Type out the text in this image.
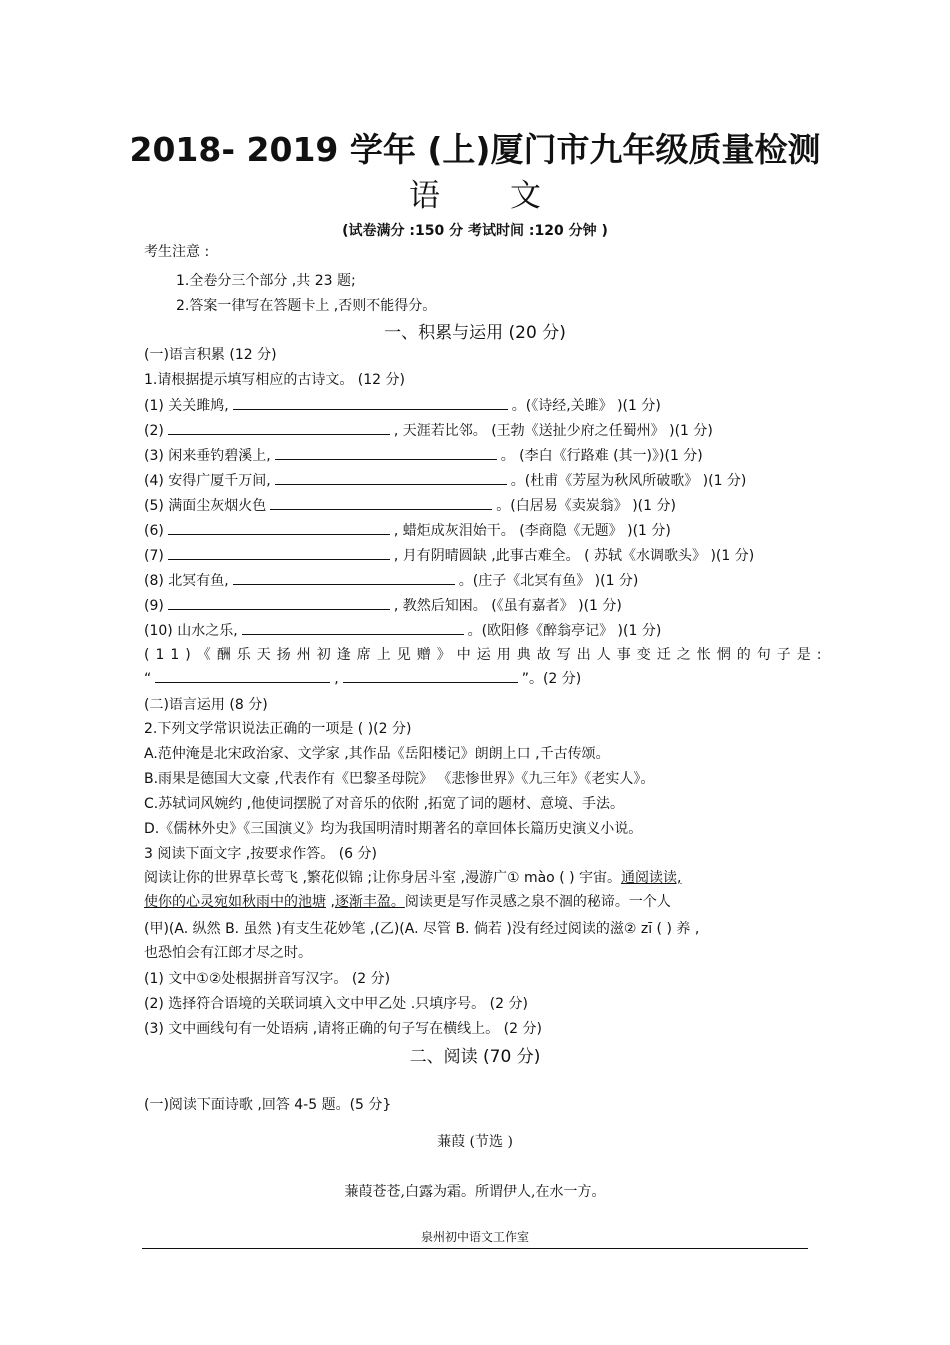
2018- 2019 学年 (上)厦门市九年级质量检测
语 文
(试卷满分 :150 分 考试时间 :120 分钟 )
考生注意 :
1.全卷分三个部分 ,共 23 题;
2.答案一律写在答题卡上 ,否则不能得分。
一、积累与运用 (20 分)
(一)语言积累 (12 分)
1.请根据提示填写相应的古诗文。 (12 分)
(1) 关关雎鸠,	。(《诗经,关雎》 )(1 分)
(2)	, 天涯若比邻。 (王勃《送扯少府之任蜀州》 )(1 分)
(3) 闲来垂钓碧溪上,	。 (李白《行路难 (其一)》)(1 分)
(4) 安得广厦千万间,	。(杜甫《芳屋为秋风所破歌》 )(1 分)
(5) 满面尘灰烟火色	。(白居易《卖炭翁》 )(1 分)
(6)	, 蜡炬成灰泪始干。 (李商隐《无题》 )(1 分)
(7)	, 月有阴晴圆缺 ,此事古难全。 ( 苏轼《水调歌头》 )(1 分)
(8) 北冥有鱼,	。(庄子《北冥有鱼》 )(1 分)
(9)	, 教然后知困。 (《虽有嘉者》 )(1 分)
(10) 山水之乐,	。(欧阳修《醉翁亭记》 )(1 分)
(11)《酬乐天扬州初逢席上见赠》中运用典故写出人事变迁之怅惘的句子是:
“	,	”。(2 分)
(二)语言运用 (8 分)
2.下列文学常识说法正确的一项是 ( )(2 分)
A.范仲淹是北宋政治家、文学家 ,其作品《岳阳楼记》朗朗上口 ,千古传颂。
B.雨果是德国大文豪 ,代表作有《巴黎圣母院》 《悲惨世界》《九三年》《老实人》。
C.苏轼词风婉约 ,他使词摆脱了对音乐的依附 ,拓宽了词的题材、意境、手法。
D.《儒林外史》《三国演义》均为我国明清时期著名的章回体长篇历史演义小说。
3 阅读下面文字 ,按要求作答。 (6 分)
阅读让你的世界草长莺飞 ,繁花似锦 ;让你身居斗室 ,漫游广① mào ( ) 宇宙。通阅读读,
使你的心灵宛如秋雨中的池塘 ,逐渐丰盈。阅读更是写作灵感之泉不涸的秘谛。一个人
(甲)(A. 纵然 B. 虽然 )有支生花妙笔 ,(乙)(A. 尽管 B. 倘若 )没有经过阅读的滋② zī ( ) 养 ,
也恐怕会有江郎才尽之时。
(1) 文中①②处根据拼音写汉字。 (2 分)
(2) 选择符合语境的关联词填入文中甲乙处 .只填序号。 (2 分)
(3) 文中画线句有一处语病 ,请将正确的句子写在横线上。 (2 分)
二、阅读 (70 分)
(一)阅读下面诗歌 ,回答 4-5 题。(5 分}
蒹葭 (节选 )
蒹葭苍苍,白露为霜。所谓伊人,在水一方。
泉州初中语文工作室
